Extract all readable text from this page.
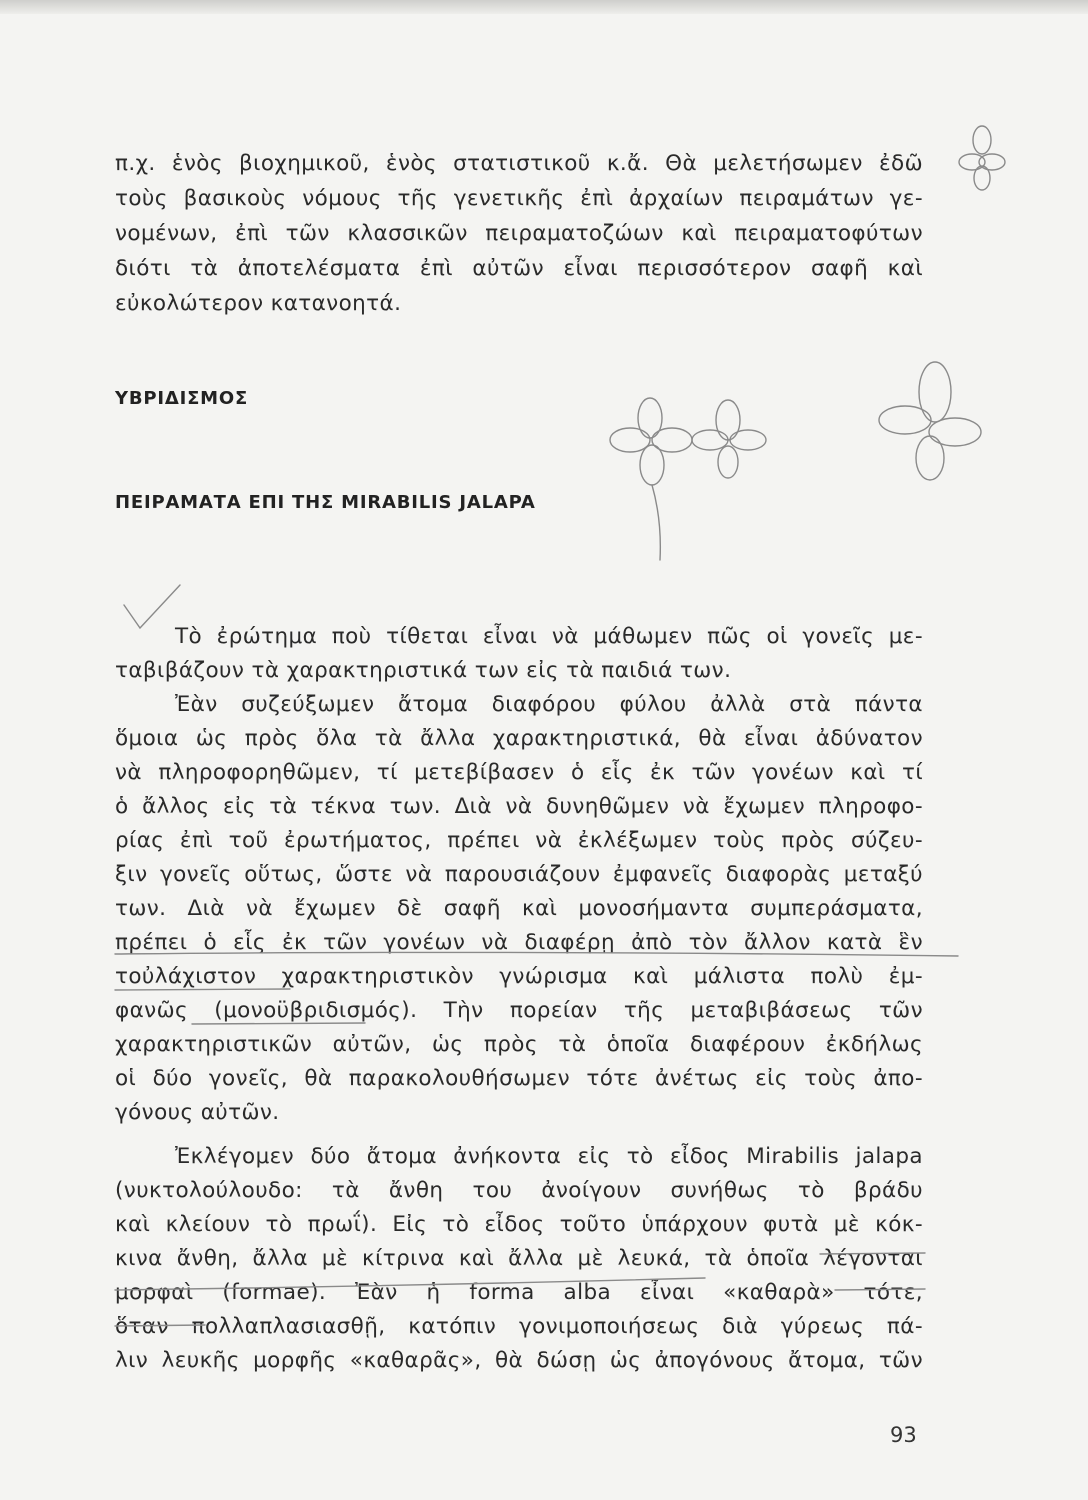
π.χ. ἑνὸς βιοχημικοῦ, ἑνὸς στατιστικοῦ κ.ἄ. Θὰ μελετήσωμεν ἐδῶ
τοὺς βασικοὺς νόμους τῆς γενετικῆς ἐπὶ ἀρχαίων πειραμάτων γε-
νομένων, ἐπὶ τῶν κλασσικῶν πειραματοζώων καὶ πειραματοφύτων
διότι τὰ ἀποτελέσματα ἐπὶ αὐτῶν εἶναι περισσότερον σαφῆ καὶ
εὐκολώτερον κατανοητά.
ΥΒΡΙΔΙΣΜΟΣ
ΠΕΙΡΑΜΑΤΑ ΕΠΙ ΤΗΣ MIRABILIS JALAPA
Τὸ ἐρώτημα ποὺ τίθεται εἶναι νὰ μάθωμεν πῶς οἱ γονεῖς με-
ταβιβάζουν τὰ χαρακτηριστικά των εἰς τὰ παιδιά των.
Ἐὰν συζεύξωμεν ἄτομα διαφόρου φύλου ἀλλὰ στὰ πάντα
ὅμοια ὡς πρὸς ὅλα τὰ ἄλλα χαρακτηριστικά, θὰ εἶναι ἀδύνατον
νὰ πληροφορηθῶμεν, τί μετεβίβασεν ὁ εἷς ἐκ τῶν γονέων καὶ τί
ὁ ἄλλος εἰς τὰ τέκνα των. Διὰ νὰ δυνηθῶμεν νὰ ἔχωμεν πληροφο-
ρίας ἐπὶ τοῦ ἐρωτήματος, πρέπει νὰ ἐκλέξωμεν τοὺς πρὸς σύζευ-
ξιν γονεῖς οὕτως, ὥστε νὰ παρουσιάζουν ἐμφανεῖς διαφορὰς μεταξύ
των. Διὰ νὰ ἔχωμεν δὲ σαφῆ καὶ μονοσήμαντα συμπεράσματα,
πρέπει ὁ εἷς ἐκ τῶν γονέων νὰ διαφέρῃ ἀπὸ τὸν ἄλλον κατὰ ἓν
τοὐλάχιστον χαρακτηριστικὸν γνώρισμα καὶ μάλιστα πολὺ ἐμ-
φανῶς (μονοϋβριδισμός). Τὴν πορείαν τῆς μεταβιβάσεως τῶν
χαρακτηριστικῶν αὐτῶν, ὡς πρὸς τὰ ὁποῖα διαφέρουν ἐκδήλως
οἱ δύο γονεῖς, θὰ παρακολουθήσωμεν τότε ἀνέτως εἰς τοὺς ἀπο-
γόνους αὐτῶν.
Ἐκλέγομεν δύο ἄτομα ἀνήκοντα εἰς τὸ εἶδος Mirabilis jalapa
(νυκτολούλουδο: τὰ ἄνθη του ἀνοίγουν συνήθως τὸ βράδυ
καὶ κλείουν τὸ πρωΐ). Εἰς τὸ εἶδος τοῦτο ὑπάρχουν φυτὰ μὲ κόκ-
κινα ἄνθη, ἄλλα μὲ κίτρινα καὶ ἄλλα μὲ λευκά, τὰ ὁποῖα λέγονται
μορφαὶ (formae). Ἐὰν ἡ forma alba εἶναι «καθαρὰ» τότε,
ὅταν πολλαπλασιασθῇ, κατόπιν γονιμοποιήσεως διὰ γύρεως πά-
λιν λευκῆς μορφῆς «καθαρᾶς», θὰ δώσῃ ὡς ἀπογόνους ἄτομα, τῶν
93
